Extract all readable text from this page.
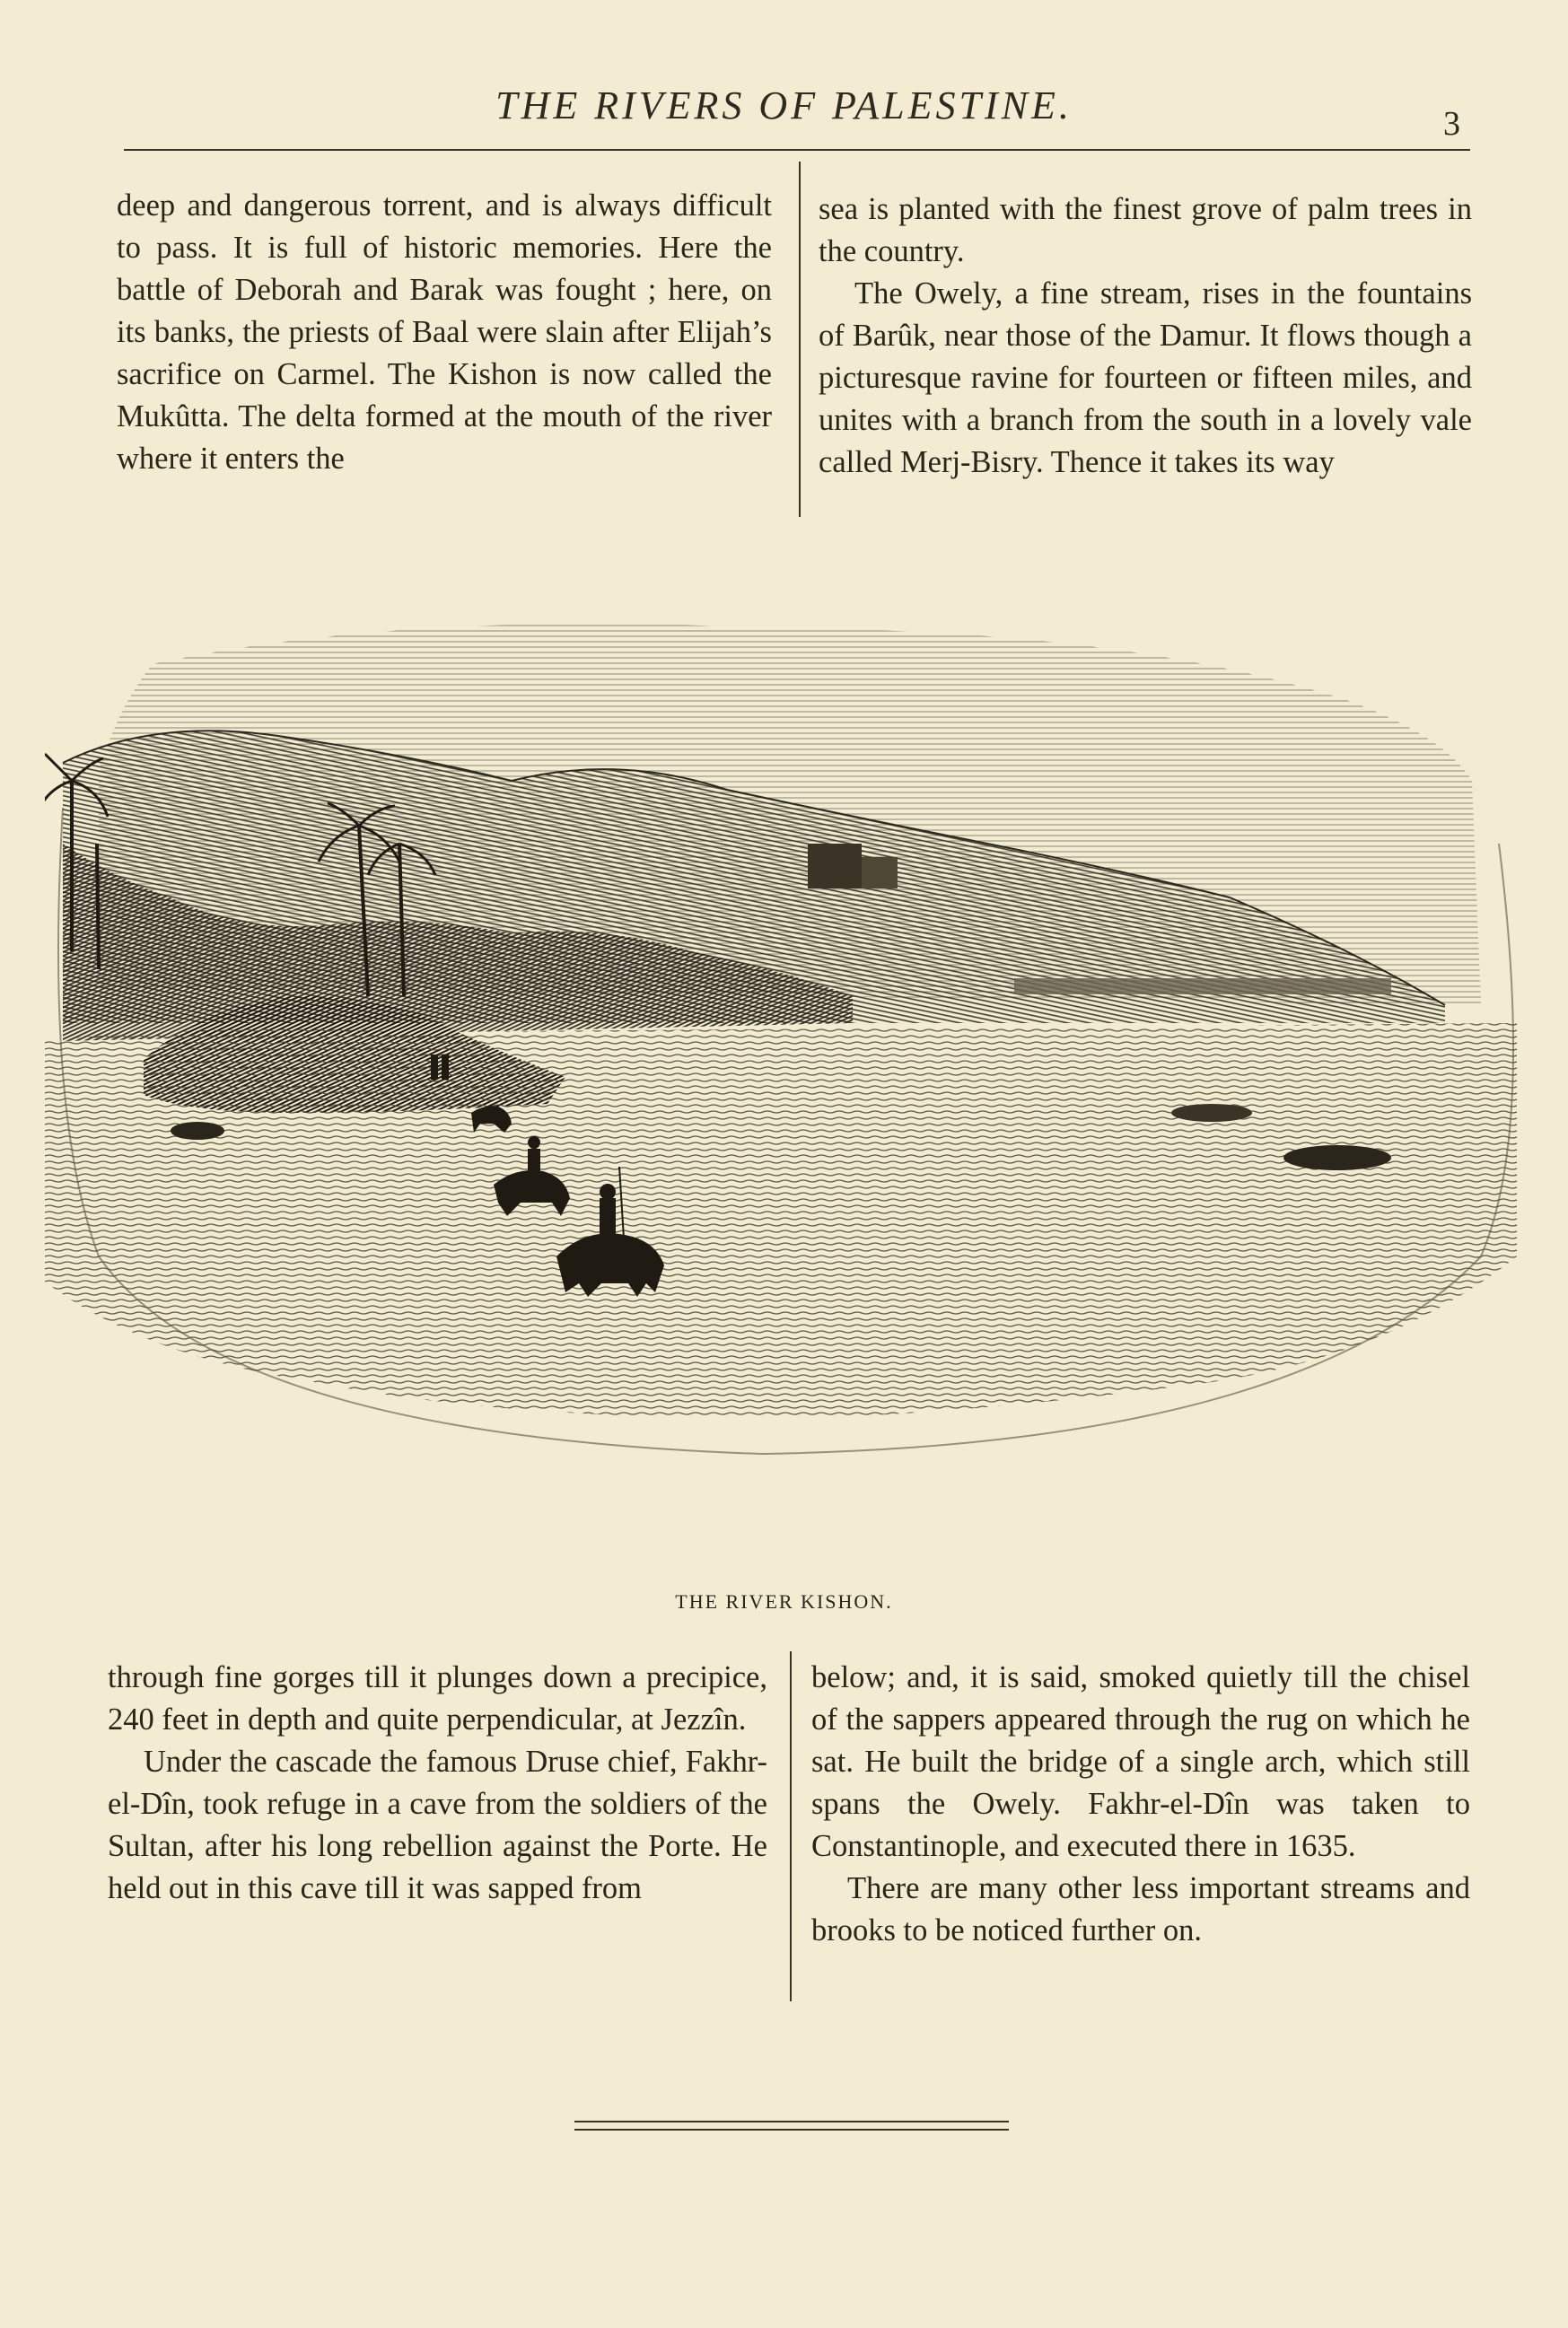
THE RIVERS OF PALESTINE.	3

deep and dangerous torrent, and is always difficult to pass. It is full of historic memories. Here the battle of Deborah and Barak was fought ; here, on its banks, the priests of Baal were slain after Elijah’s sacrifice on Carmel. The Kishon is now called the Mukûtta. The delta formed at the mouth of the river where it enters the

sea is planted with the finest grove of palm trees in the country.

The Owely, a fine stream, rises in the fountains of Barûk, near those of the Damur. It flows though a picturesque ravine for fourteen or fifteen miles, and unites with a branch from the south in a lovely vale called Merj-Bisry. Thence it takes its way

THE RIVER KISHON.

through fine gorges till it plunges down a precipice, 240 feet in depth and quite perpendicular, at Jezzîn.

Under the cascade the famous Druse chief, Fakhr-el-Dîn, took refuge in a cave from the soldiers of the Sultan, after his long rebellion against the Porte. He held out in this cave till it was sapped from

below; and, it is said, smoked quietly till the chisel of the sappers appeared through the rug on which he sat. He built the bridge of a single arch, which still spans the Owely. Fakhr-el-Dîn was taken to Constantinople, and executed there in 1635.

There are many other less important streams and brooks to be noticed further on.
